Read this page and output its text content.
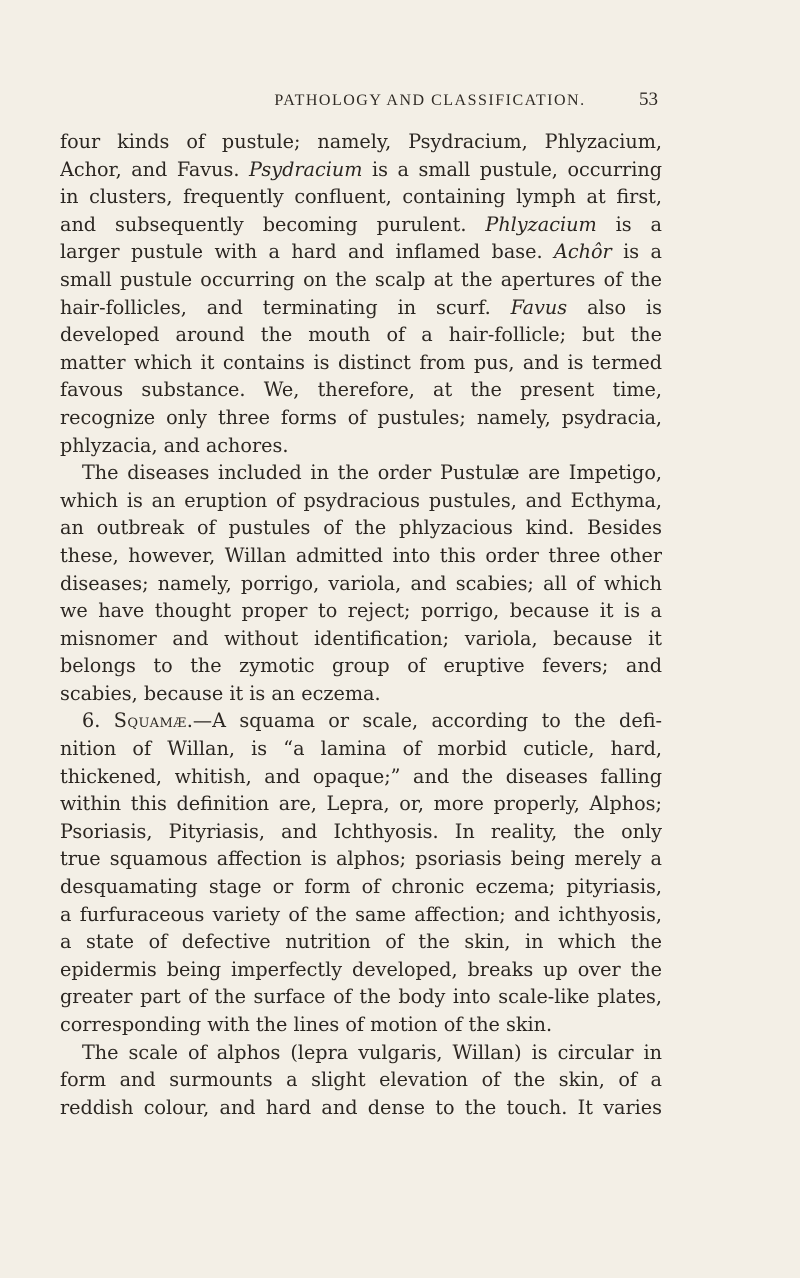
PATHOLOGY AND CLASSIFICATION.	53
four kinds of pustule; namely, Psydracium, Phlyzacium,
Achor, and Favus. Psydracium is a small pustule, occurring
in clusters, frequently confluent, containing lymph at first,
and subsequently becoming purulent. Phlyzacium is a
larger pustule with a hard and inflamed base. Achôr is a
small pustule occurring on the scalp at the apertures of the
hair-follicles, and terminating in scurf. Favus also is
developed around the mouth of a hair-follicle; but the
matter which it contains is distinct from pus, and is termed
favous substance. We, therefore, at the present time,
recognize only three forms of pustules; namely, psydracia,
phlyzacia, and achores.
The diseases included in the order Pustulæ are Impetigo,
which is an eruption of psydracious pustules, and Ecthyma,
an outbreak of pustules of the phlyzacious kind. Besides
these, however, Willan admitted into this order three other
diseases; namely, porrigo, variola, and scabies; all of which
we have thought proper to reject; porrigo, because it is a
misnomer and without identification; variola, because it
belongs to the zymotic group of eruptive fevers; and
scabies, because it is an eczema.
6. Squamæ.—A squama or scale, according to the defi-
nition of Willan, is “a lamina of morbid cuticle, hard,
thickened, whitish, and opaque;” and the diseases falling
within this definition are, Lepra, or, more properly, Alphos;
Psoriasis, Pityriasis, and Ichthyosis. In reality, the only
true squamous affection is alphos; psoriasis being merely a
desquamating stage or form of chronic eczema; pityriasis,
a furfuraceous variety of the same affection; and ichthyosis,
a state of defective nutrition of the skin, in which the
epidermis being imperfectly developed, breaks up over the
greater part of the surface of the body into scale-like plates,
corresponding with the lines of motion of the skin.
The scale of alphos (lepra vulgaris, Willan) is circular in
form and surmounts a slight elevation of the skin, of a
reddish colour, and hard and dense to the touch. It varies
